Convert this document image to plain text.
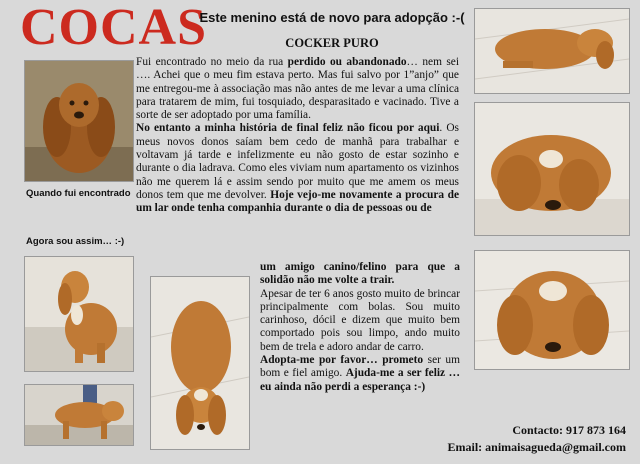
COCAS
Este menino está de novo para adopção :-(
COCKER PURO
Quando fui encontrado
Agora sou assim… :-)

Fui encontrado no meio da rua perdido ou abandonado… nem sei …. Achei que o meu fim estava perto. Mas fui salvo por 1”anjo” que me entregou-me à associação mas não antes de me levar a uma clínica para tratarem de mim, fui tosquiado, desparasitado e vacinado. Tive a sorte de ser adoptado por uma família.

No entanto a minha história de final feliz não ficou por aqui. Os meus novos donos saíam bem cedo de manhã para trabalhar e voltavam já tarde e infelizmente eu não gosto de estar sozinho e durante o dia ladrava. Como eles viviam num apartamento os vizinhos não me querem lá e assim sendo por muito que me amem os meus donos tem que me devolver. Hoje vejo-me novamente a procura de um lar onde tenha companhia durante o dia de pessoas ou de

um amigo canino/felino para que a solidão não me volte a trair.

Apesar de ter 6 anos gosto muito de brincar principalmente com bolas. Sou muito carinhoso, dócil e dizem que muito bem comportado pois sou limpo, ando muito bem de trela e adoro andar de carro.

Adopta-me por favor… prometo ser um bom e fiel amigo. Ajuda-me a ser feliz … eu ainda não perdi a esperança :-)

Contacto: 917 873 164
Email: animaisagueda@gmail.com
